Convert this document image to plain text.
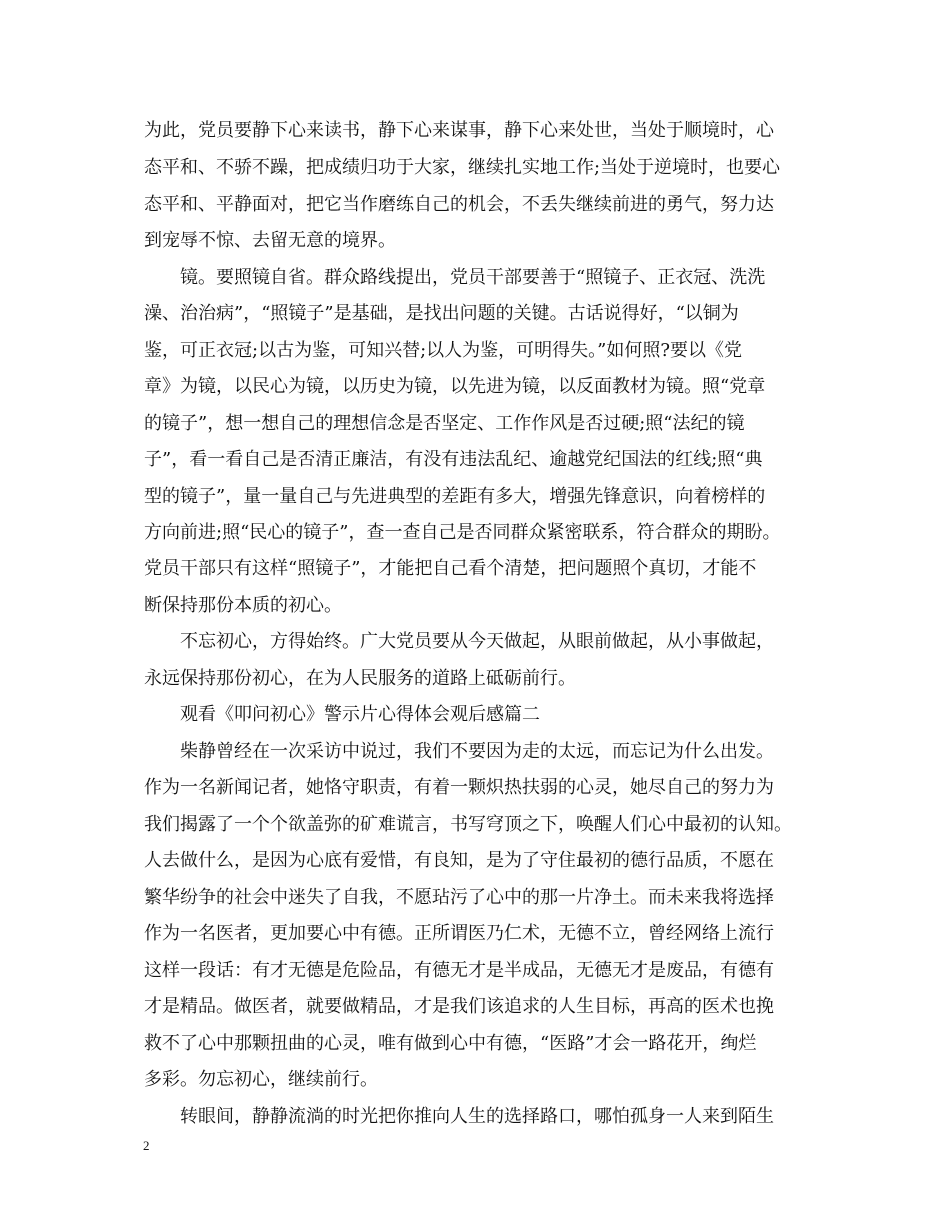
为此，党员要静下心来读书，静下心来谋事，静下心来处世，当处于顺境时，心
态平和、不骄不躁，把成绩归功于大家，继续扎实地工作;当处于逆境时，也要心
态平和、平静面对，把它当作磨练自己的机会，不丢失继续前进的勇气，努力达
到宠辱不惊、去留无意的境界。
镜。要照镜自省。群众路线提出，党员干部要善于“照镜子、正衣冠、洗洗
澡、治治病”，“照镜子”是基础，是找出问题的关键。古话说得好，“以铜为
鉴，可正衣冠;以古为鉴，可知兴替;以人为鉴，可明得失。”如何照?要以《党
章》为镜，以民心为镜，以历史为镜，以先进为镜，以反面教材为镜。照“党章
的镜子”，想一想自己的理想信念是否坚定、工作作风是否过硬;照“法纪的镜
子”，看一看自己是否清正廉洁，有没有违法乱纪、逾越党纪国法的红线;照“典
型的镜子”，量一量自己与先进典型的差距有多大，增强先锋意识，向着榜样的
方向前进;照“民心的镜子”，查一查自己是否同群众紧密联系，符合群众的期盼。
党员干部只有这样“照镜子”，才能把自己看个清楚，把问题照个真切，才能不
断保持那份本质的初心。
不忘初心，方得始终。广大党员要从今天做起，从眼前做起，从小事做起，
永远保持那份初心，在为人民服务的道路上砥砺前行。
观看《叩问初心》警示片心得体会观后感篇二
柴静曾经在一次采访中说过，我们不要因为走的太远，而忘记为什么出发。
作为一名新闻记者，她恪守职责，有着一颗炽热扶弱的心灵，她尽自己的努力为
我们揭露了一个个欲盖弥的矿难谎言，书写穹顶之下，唤醒人们心中最初的认知。
人去做什么，是因为心底有爱惜，有良知，是为了守住最初的德行品质，不愿在
繁华纷争的社会中迷失了自我，不愿玷污了心中的那一片净土。而未来我将选择
作为一名医者，更加要心中有德。正所谓医乃仁术，无德不立，曾经网络上流行
这样一段话：有才无德是危险品，有德无才是半成品，无德无才是废品，有德有
才是精品。做医者，就要做精品，才是我们该追求的人生目标，再高的医术也挽
救不了心中那颗扭曲的心灵，唯有做到心中有德，“医路”才会一路花开，绚烂
多彩。勿忘初心，继续前行。
转眼间，静静流淌的时光把你推向人生的选择路口，哪怕孤身一人来到陌生
2
